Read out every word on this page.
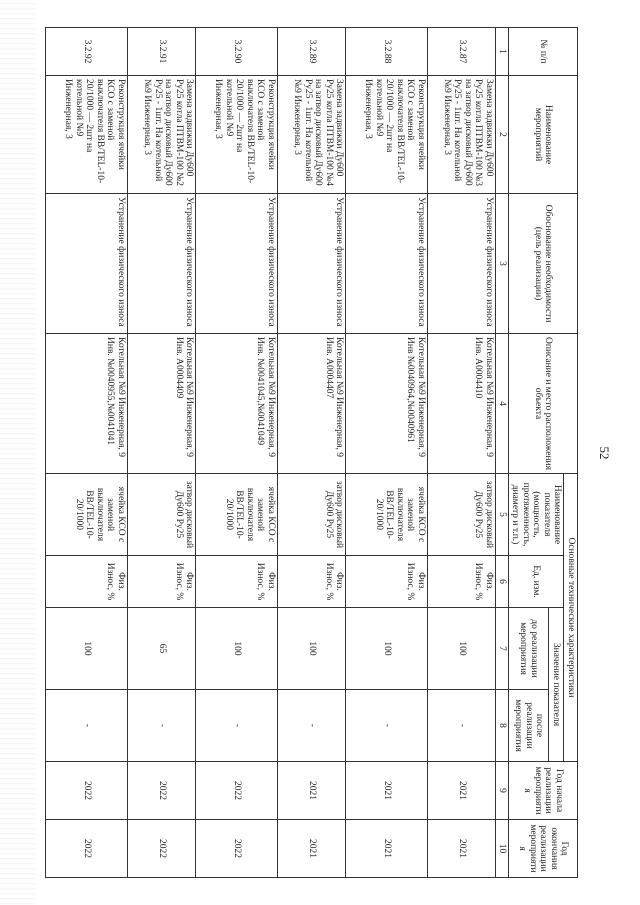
52
№ п/п	Наименование мероприятий	Обоснование необходимости (цель реализации)	Описание и место расположения объекта	Основные технические характеристики				Год начала реализации мероприятия	Год окончания реализации мероприятия
				Наименование показателя (мощность, протяженность, диаметр и т.п.)	Ед. изм.	Значение показателя			
						до реализации мероприятия	после реализации мероприятия		
1	2	3	4	5	6	7	8	9	10
3.2.87	Замена задвижки Ду600 Ру25 котла ПТВМ-100 №3 на затвор дисковый Ду600 Ру25 - 1шт. На котельной №9 Инженерная, 3	Устранение физического износа	Котельная №9 Инженерная, 9 Инв. А0004410	затвор дисковый Ду600 Ру25	Физ. Износ, %	100	-	2021	2021
3.2.88	Реконструкция ячейки КСО с заменой выключателя ВВ/TEL-10-20/1000 — 2шт на котельной №9 Инженерная, 3	Устранение физического износа	Котельная №9 Инженерная, 9 Инв №0040964,№0040961	ячейка КСО с заменой выключателя ВВ/TEL-10-20/1000	Физ. Износ, %	100	-	2021	2021
3.2.89	Замена задвижки Ду600 Ру25 котла ПТВМ-100 №4 на затвор дисковый Ду600 Ру25 - 1шт. На котельной №9 Инженерная, 3	Устранение физического износа	Котельная №9 Инженерная, 9 Инв. А0004407	затвор дисковый Ду600 Ру25	Физ. Износ, %	100	-	2021	2021
3.2.90	Реконструкция ячейки КСО с заменой выключателя ВВ/TEL-10-20/1000 — 2шт на котельной №9 Инженерная, 3	Устранение физического износа	Котельная №9 Инженерная, 9 Инв. №0041045,№0041049	ячейка КСО с заменой выключателя ВВ/TEL-10-20/1000	Физ. Износ, %	100	-	2022	2022
3.2.91	Замена задвижки Ду600 Ру25 котла ПТВМ-100 №2 на затвор дисковый Ду600 Ру25 - 1шт. На котельной №9 Инженерная, 3	Устранение физического износа	Котельная №9 Инженерная, 9 Инв. А0004409	затвор дисковый Ду600 Ру25	Физ. Износ, %	65	-	2022	2022
3.2.92	Реконструкция ячейки КСО с заменой выключателя ВВ/TEL-10-20/1000 — 2шт на котельной №9 Инженерная, 3	Устранение физического износа	Котельная №9 Инженерная, 9 Инв. №0040955,№0041041	ячейка КСО с заменой выключателя ВВ/TEL-10-20/1000	Физ. Износ, %	100	-	2022	2022
